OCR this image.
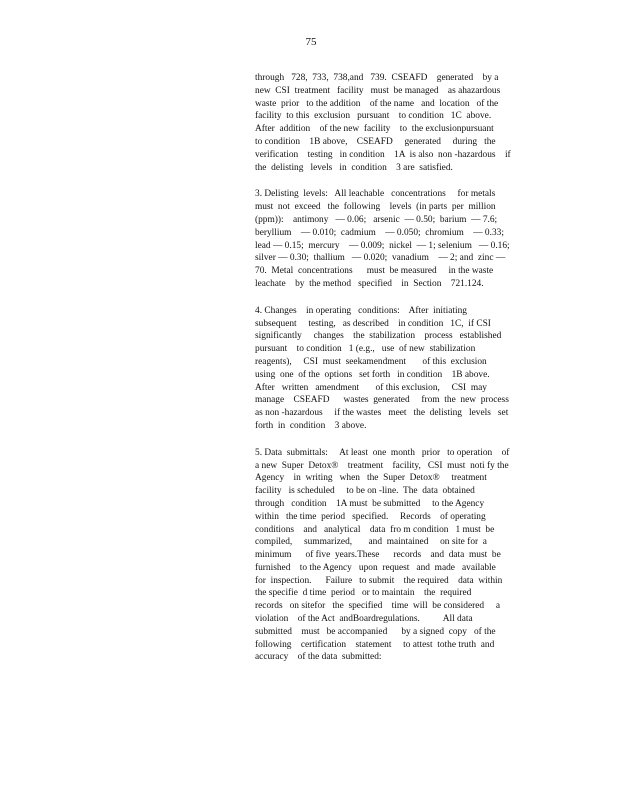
75
through   728,  733,  738,and   739.  CSEAFD    generated    by a
new  CSI  treatment   facility   must  be managed    as ahazardous
waste  prior   to the addition    of the name   and  location   of the
facility  to this  exclusion   pursuant    to condition   1C  above.
After  addition    of the new  facility    to  the exclusionpursuant
to condition    1B above,    CSEAFD     generated     during   the
verification    testing   in condition    1A  is also  non -hazardous    if
the  delisting   levels   in  condition    3 are  satisfied.
3. Delisting  levels:   All leachable   concentrations     for metals
must  not  exceed   the  following    levels  (in parts  per  million
(ppm)):    antimony   — 0.06;   arsenic  — 0.50;  barium  — 7.6;
beryllium    — 0.010;  cadmium    — 0.050;  chromium    — 0.33;
lead — 0.15;  mercury    — 0.009;  nickel  — 1; selenium   — 0.16;
silver — 0.30;  thallium   — 0.020;  vanadium    — 2; and  zinc —
70.  Metal  concentrations      must  be measured     in the waste
leachate    by  the method   specified    in  Section    721.124.
4. Changes    in operating   conditions:    After  initiating
subsequent     testing,   as described    in condition   1C,  if CSI
significantly     changes    the  stabilization    process   established
pursuant    to condition   1 (e.g.,   use  of new  stabilization
reagents),     CSI  must  seekamendment       of this  exclusion
using  one  of the  options   set forth   in condition    1B above.
After   written   amendment       of this exclusion,     CSI  may
manage    CSEAFD      wastes  generated     from  the  new  process
as non -hazardous     if the wastes   meet   the  delisting   levels   set
forth  in  condition    3 above.
5. Data  submittals:     At least  one  month   prior   to operation    of
a new  Super  Detox®    treatment    facility,   CSI  must  noti fy the
Agency    in  writing   when   the  Super  Detox®     treatment
facility   is scheduled     to be on -line.  The  data  obtained
through   condition    1A must  be submitted     to the Agency
within   the time  period   specified.     Records    of operating
conditions    and   analytical    data  fro m condition   1 must  be
compiled,     summarized,       and  maintained     on site for  a
minimum      of five  years.These      records    and  data  must  be
furnished    to the Agency   upon  request   and  made   available
for  inspection.      Failure   to submit    the required    data  within
the specifie  d time  period   or to maintain    the  required
records   on sitefor   the  specified    time  will  be considered     a
violation    of the Act  andBoardregulations.          All data
submitted    must   be accompanied      by a signed  copy   of the
following    certification    statement     to attest  tothe truth  and
accuracy    of the data  submitted:
